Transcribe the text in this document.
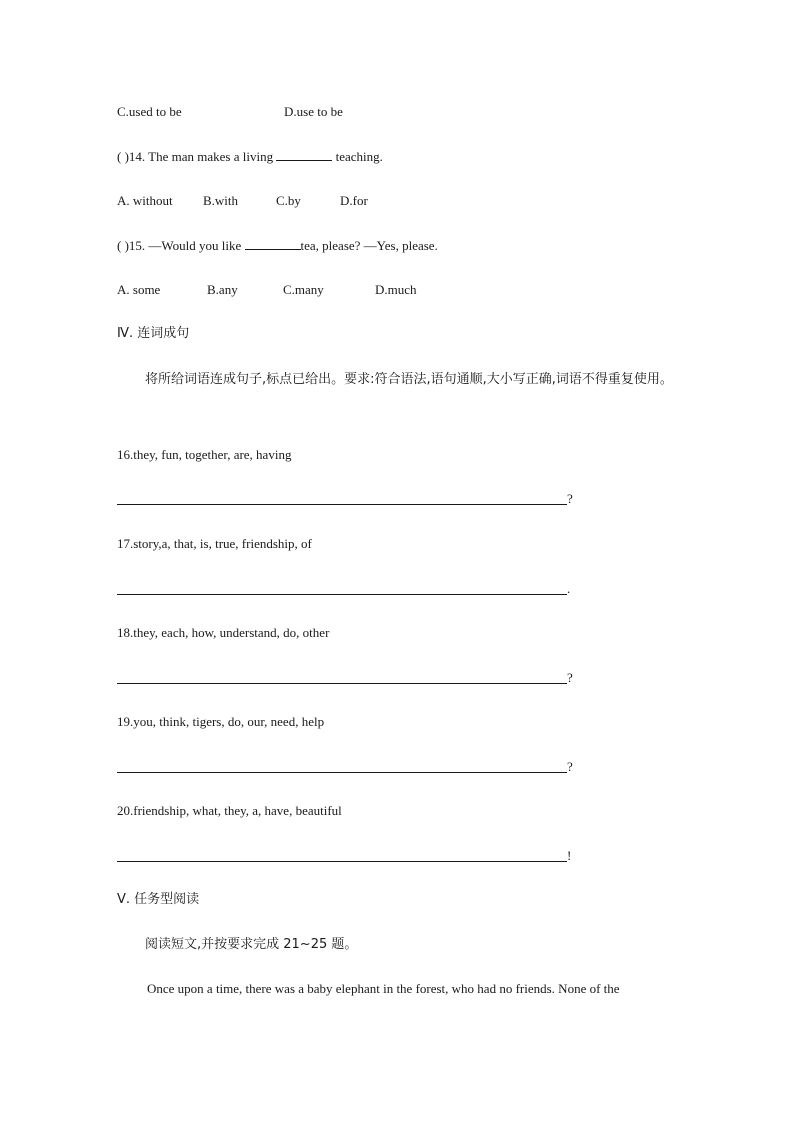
C.used to be	D.use to be
( )14. The man makes a living	teaching.
A. without B.with	C.by	D.for
( )15. —Would you like	tea, please? —Yes, please.
A. some	B.any	C.many	D.much
Ⅳ. 连词成句
将所给词语连成句子,标点已给出。要求:符合语法,语句通顺,大小写正确,词语不得重复使用。
16.they, fun, together, are, having
?
17.story,a, that, is, true, friendship, of
.
18.they, each, how, understand, do, other
?
19.you, think, tigers, do, our, need, help
?
20.friendship, what, they, a, have, beautiful
!
Ⅴ. 任务型阅读
阅读短文,并按要求完成 21~25 题。
Once upon a time, there was a baby elephant in the forest, who had no friends. None of the
